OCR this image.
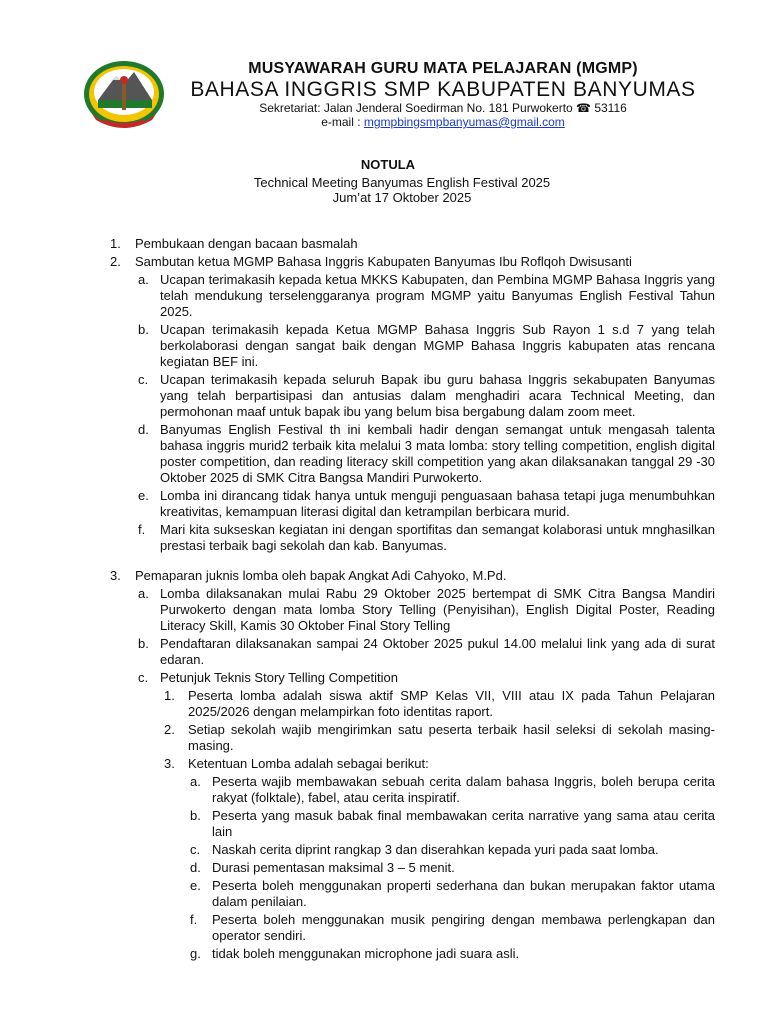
MUSYAWARAH GURU MATA PELAJARAN (MGMP)
BAHASA INGGRIS SMP KABUPATEN BANYUMAS
Sekretariat: Jalan Jenderal Soedirman No. 181 Purwokerto ☎ 53116
e-mail : mgmpbingsmpbanyumas@gmail.com
NOTULA
Technical Meeting Banyumas English Festival 2025
Jum’at 17 Oktober 2025
1. Pembukaan dengan bacaan basmalah
2. Sambutan ketua MGMP Bahasa Inggris Kabupaten Banyumas Ibu Roflqoh Dwisusanti
a. Ucapan terimakasih kepada ketua MKKS Kabupaten, dan Pembina MGMP Bahasa Inggris yang telah mendukung terselenggaranya program MGMP yaitu Banyumas English Festival Tahun 2025.
b. Ucapan terimakasih kepada Ketua MGMP Bahasa Inggris Sub Rayon 1 s.d 7 yang telah berkolaborasi dengan sangat baik dengan MGMP Bahasa Inggris kabupaten atas rencana kegiatan BEF ini.
c. Ucapan terimakasih kepada seluruh Bapak ibu guru bahasa Inggris sekabupaten Banyumas yang telah berpartisipasi dan antusias dalam menghadiri acara Technical Meeting, dan permohonan maaf untuk bapak ibu yang belum bisa bergabung dalam zoom meet.
d. Banyumas English Festival th ini kembali hadir dengan semangat untuk mengasah talenta bahasa inggris murid2 terbaik kita melalui 3 mata lomba: story telling competition, english digital poster competition, dan reading literacy skill competition yang akan dilaksanakan tanggal 29 -30 Oktober 2025 di SMK Citra Bangsa Mandiri Purwokerto.
e. Lomba ini dirancang tidak hanya untuk menguji penguasaan bahasa tetapi juga menumbuhkan kreativitas, kemampuan literasi digital dan ketrampilan berbicara murid.
f. Mari kita sukseskan kegiatan ini dengan sportifitas dan semangat kolaborasi untuk mnghasilkan prestasi terbaik bagi sekolah dan kab. Banyumas.
3. Pemaparan juknis lomba oleh bapak Angkat Adi Cahyoko, M.Pd.
a. Lomba dilaksanakan mulai Rabu 29 Oktober 2025 bertempat di SMK Citra Bangsa Mandiri Purwokerto dengan mata lomba Story Telling (Penyisihan), English Digital Poster, Reading Literacy Skill, Kamis 30 Oktober Final Story Telling
b. Pendaftaran dilaksanakan sampai 24 Oktober 2025 pukul 14.00 melalui link yang ada di surat edaran.
c. Petunjuk Teknis Story Telling Competition
1. Peserta lomba adalah siswa aktif SMP Kelas VII, VIII atau IX pada Tahun Pelajaran 2025/2026 dengan melampirkan foto identitas raport.
2. Setiap sekolah wajib mengirimkan satu peserta terbaik hasil seleksi di sekolah masing-masing.
3. Ketentuan Lomba adalah sebagai berikut:
a. Peserta wajib membawakan sebuah cerita dalam bahasa Inggris, boleh berupa cerita rakyat (folktale), fabel, atau cerita inspiratif.
b. Peserta yang masuk babak final membawakan cerita narrative yang sama atau cerita lain
c. Naskah cerita diprint rangkap 3 dan diserahkan kepada yuri pada saat lomba.
d. Durasi pementasan maksimal 3 – 5 menit.
e. Peserta boleh menggunakan properti sederhana dan bukan merupakan faktor utama dalam penilaian.
f. Peserta boleh menggunakan musik pengiring dengan membawa perlengkapan dan operator sendiri.
g. tidak boleh menggunakan microphone jadi suara asli.
